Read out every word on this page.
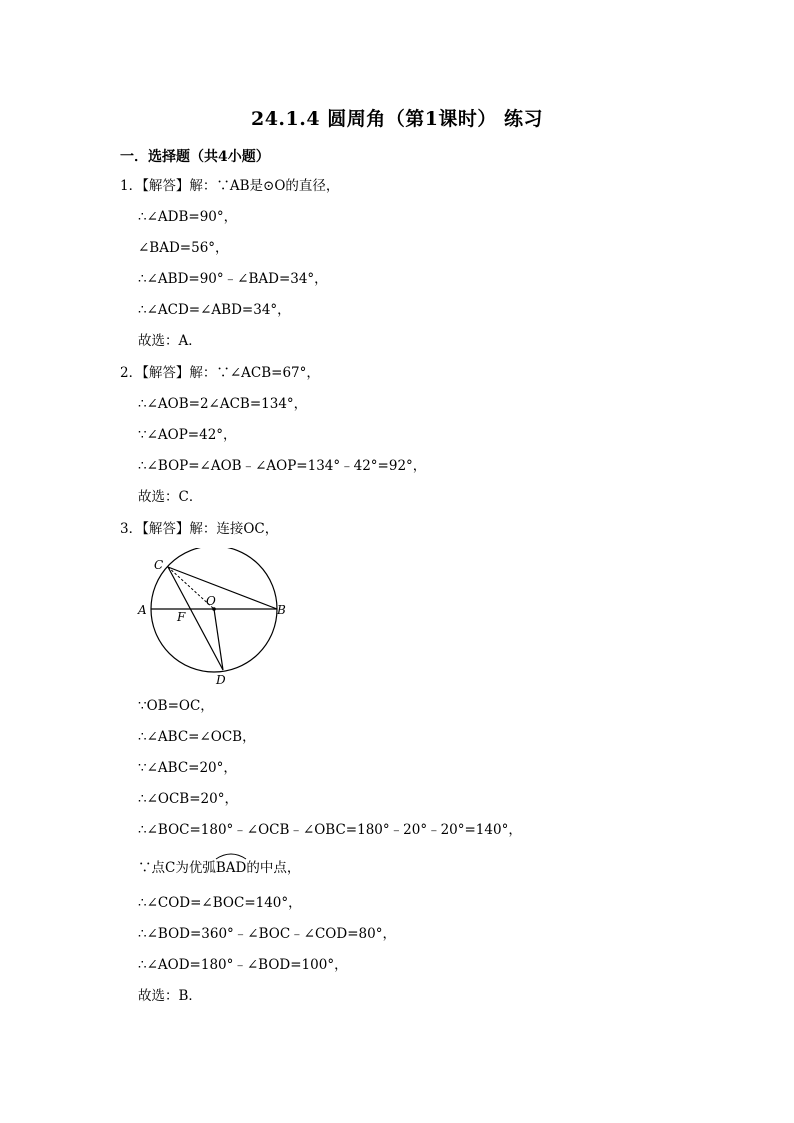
24.1.4 圆周角（第1课时） 练习
一．选择题（共4小题）
1．【解答】解：∵AB是⊙O的直径，
∴∠ADB=90°，
∠BAD=56°，
∴∠ABD=90°﹣∠BAD=34°，
∴∠ACD=∠ABD=34°，
故选：A．
2．【解答】解：∵∠ACB=67°，
∴∠AOB=2∠ACB=134°，
∵∠AOP=42°，
∴∠BOP=∠AOB﹣∠AOP=134°﹣42°=92°，
故选：C．
3．【解答】解：连接OC，
C
O
A	B
F
D
∵OB=OC，
∴∠ABC=∠OCB，
∵∠ABC=20°，
∴∠OCB=20°，
∴∠BOC=180°﹣∠OCB﹣∠OBC=180°﹣20°﹣20°=140°，
∵点C为优弧
BAD的中点，
∴∠COD=∠BOC=140°，
∴∠BOD=360°﹣∠BOC﹣∠COD=80°，
∴∠AOD=180°﹣∠BOD=100°，
故选：B．
